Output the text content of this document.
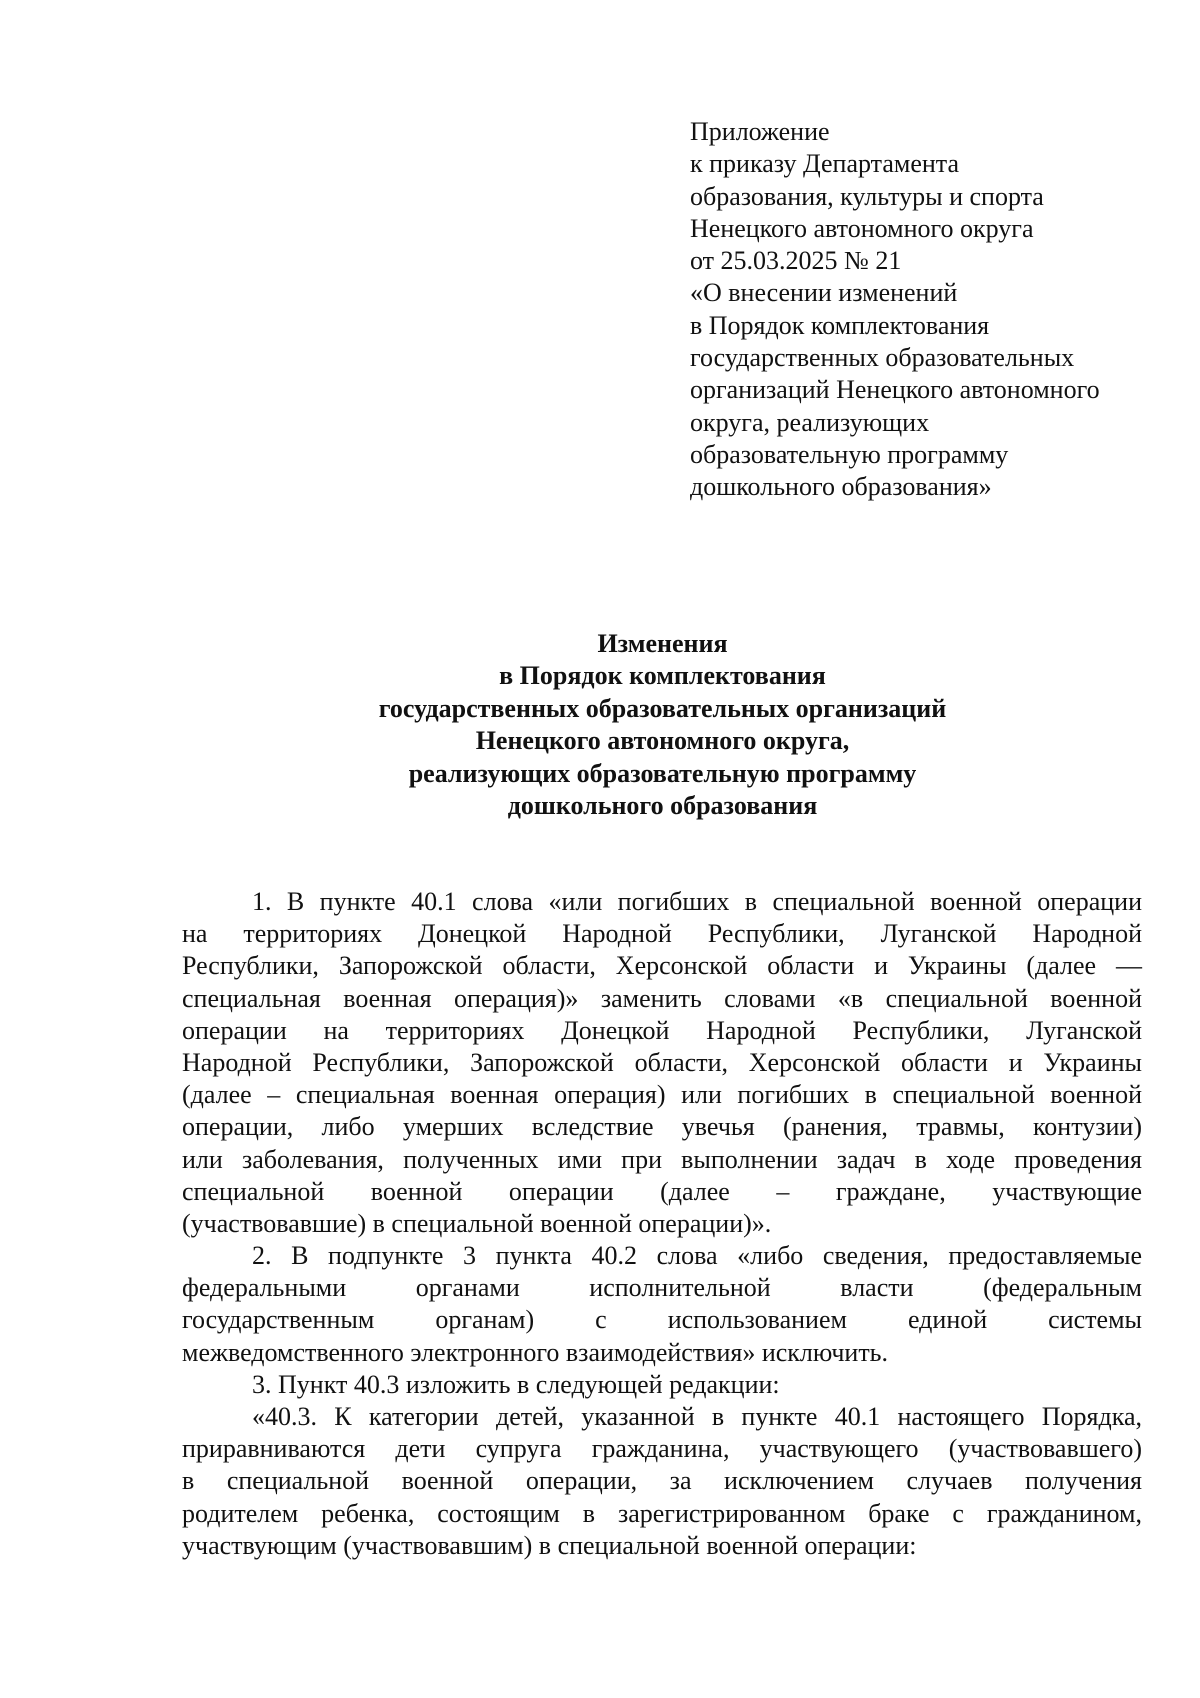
Приложение
к приказу Департамента
образования, культуры и спорта
Ненецкого автономного округа
от 25.03.2025 № 21
«О внесении изменений
в Порядок комплектования
государственных образовательных
организаций Ненецкого автономного
округа, реализующих
образовательную программу
дошкольного образования»
Изменения
в Порядок комплектования
государственных образовательных организаций
Ненецкого автономного округа,
реализующих образовательную программу
дошкольного образования
1. В пункте 40.1 слова «или погибших в специальной военной операции
на территориях Донецкой Народной Республики, Луганской Народной
Республики, Запорожской области, Херсонской области и Украины (далее —
специальная военная операция)» заменить словами «в специальной военной
операции на территориях Донецкой Народной Республики, Луганской
Народной Республики, Запорожской области, Херсонской области и Украины
(далее – специальная военная операция) или погибших в специальной военной
операции, либо умерших вследствие увечья (ранения, травмы, контузии)
или заболевания, полученных ими при выполнении задач в ходе проведения
специальной военной операции (далее – граждане, участвующие
(участвовавшие) в специальной военной операции)».
2. В подпункте 3 пункта 40.2 слова «либо сведения, предоставляемые
федеральными органами исполнительной власти (федеральным
государственным органам) с использованием единой системы
межведомственного электронного взаимодействия» исключить.
3. Пункт 40.3 изложить в следующей редакции:
«40.3. К категории детей, указанной в пункте 40.1 настоящего Порядка,
приравниваются дети супруга гражданина, участвующего (участвовавшего)
в специальной военной операции, за исключением случаев получения
родителем ребенка, состоящим в зарегистрированном браке с гражданином,
участвующим (участвовавшим) в специальной военной операции:
